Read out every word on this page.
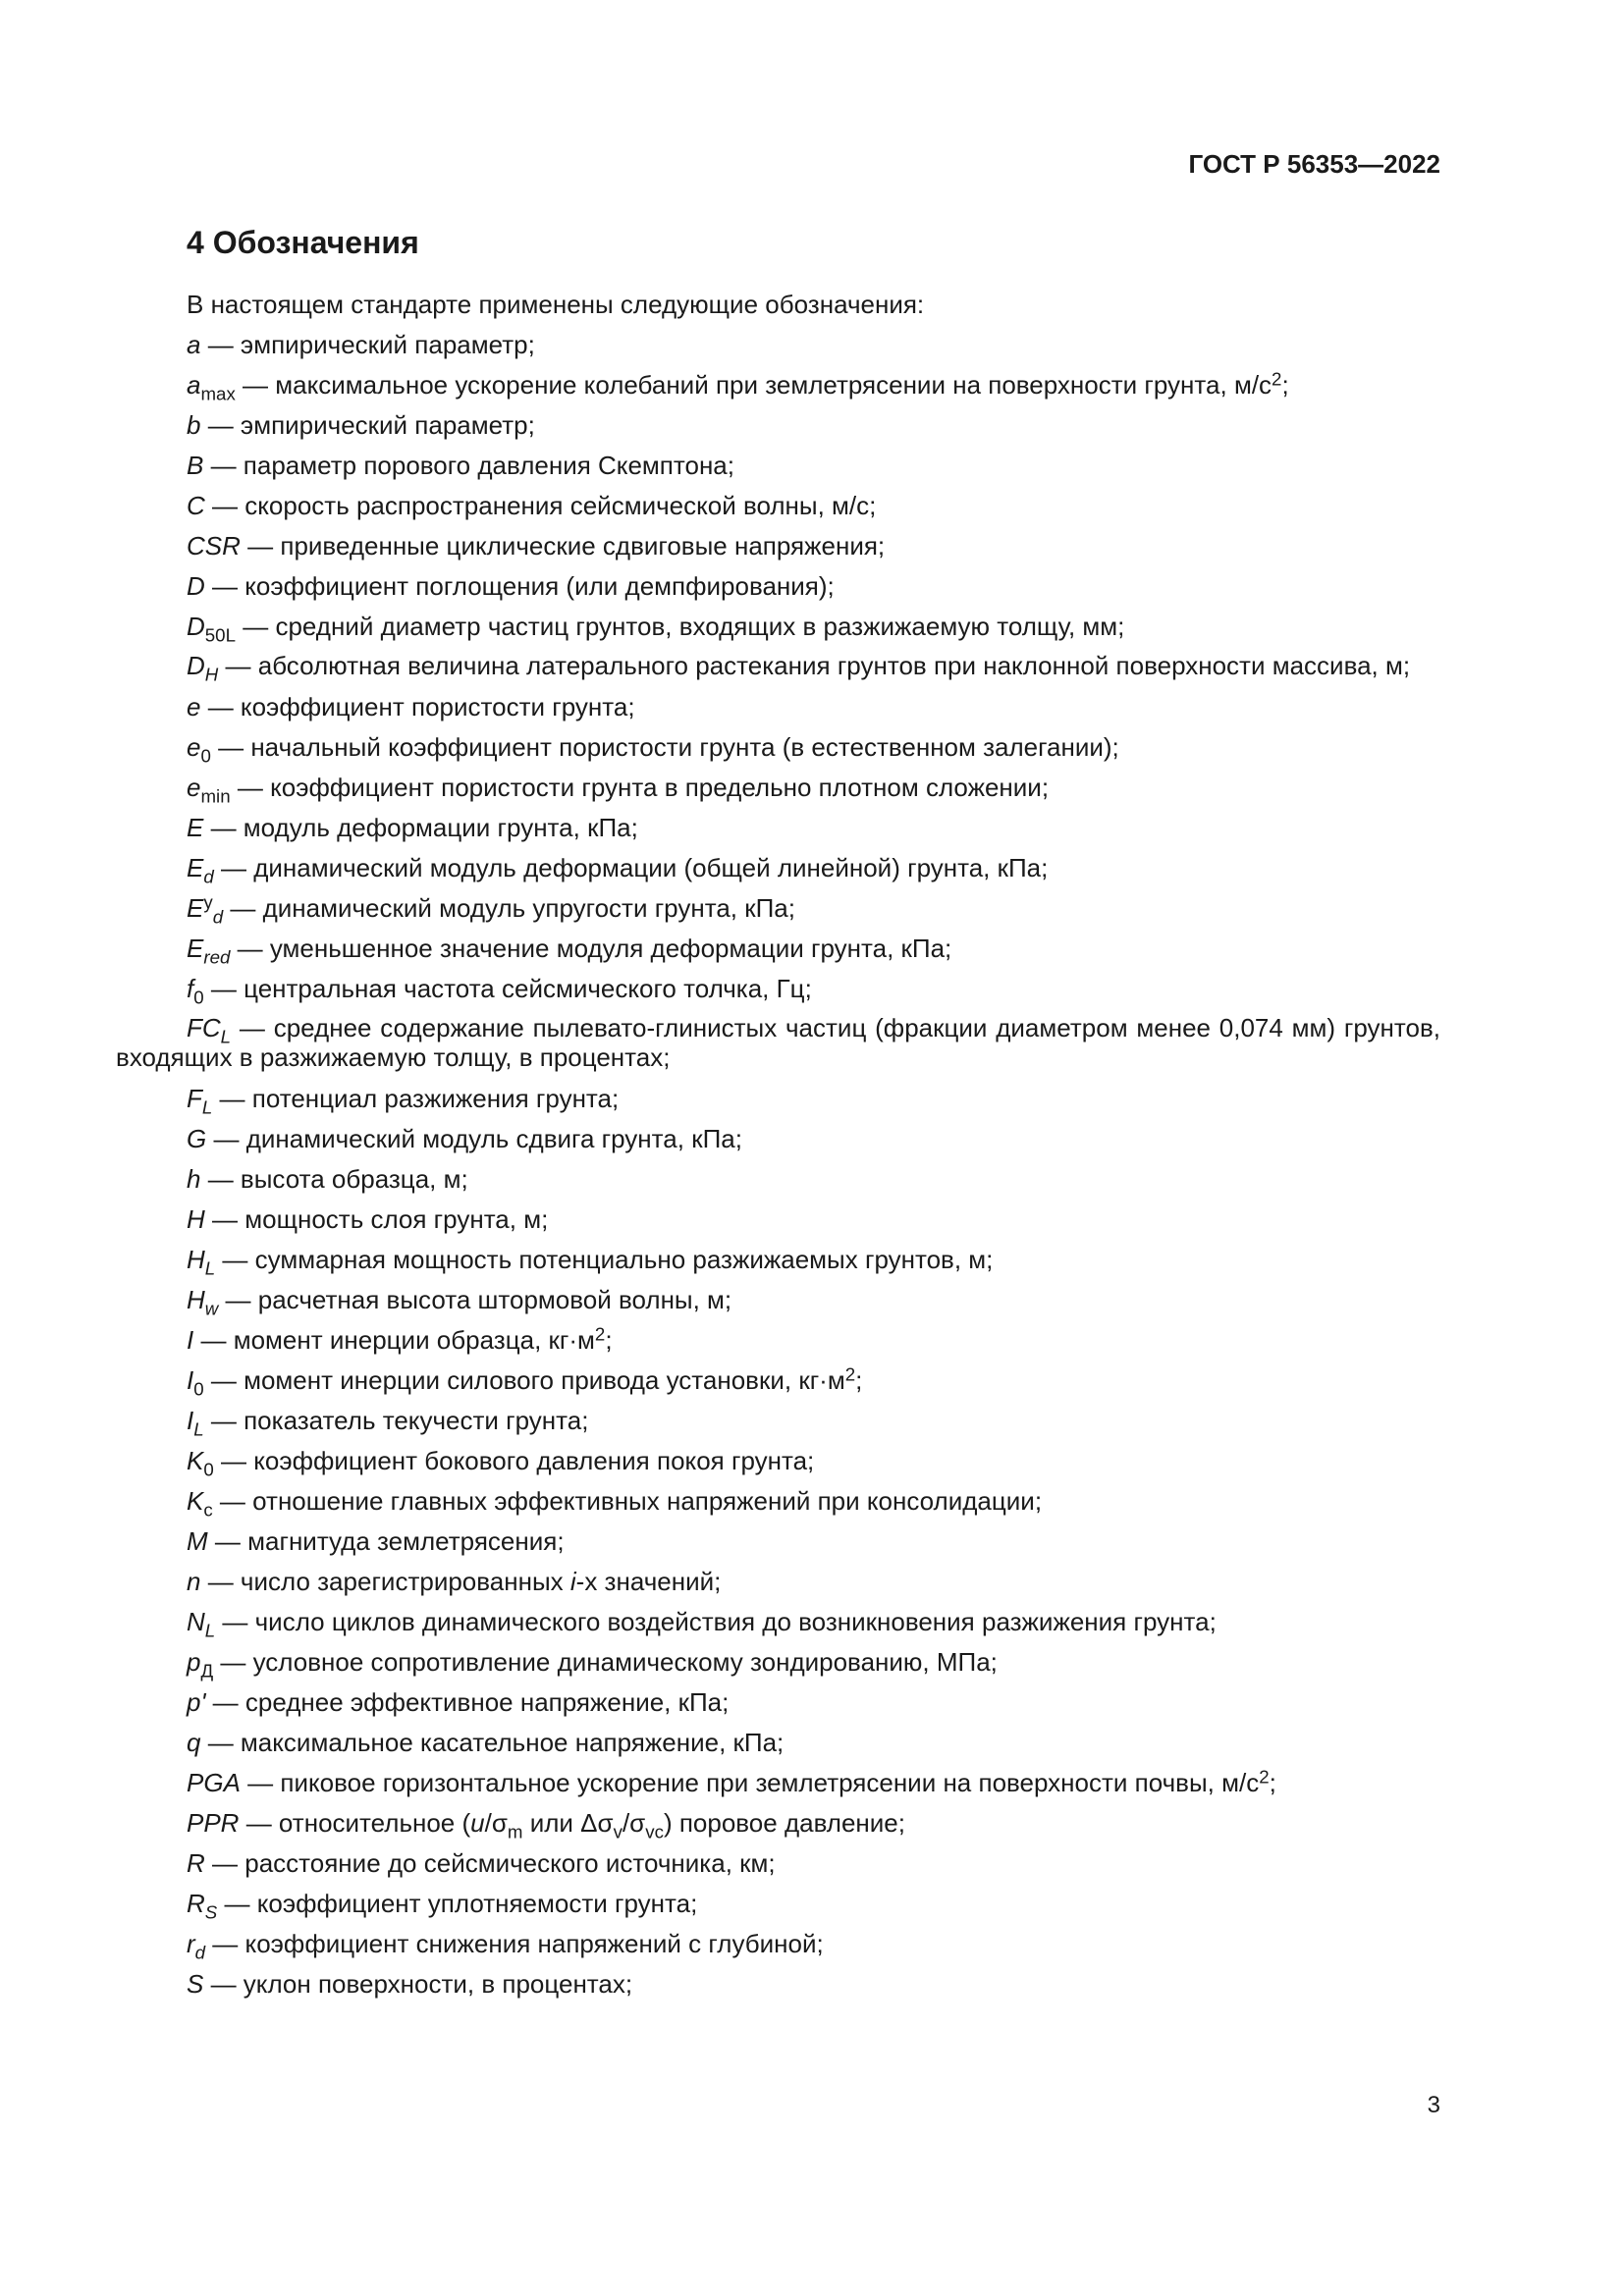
ГОСТ Р 56353—2022
4 Обозначения
В настоящем стандарте применены следующие обозначения:
a — эмпирический параметр;
$a_{max}$ — максимальное ускорение колебаний при землетрясении на поверхности грунта, $м/с^2$;
b — эмпирический параметр;
B — параметр порового давления Скемптона;
C — скорость распространения сейсмической волны, м/с;
CSR — приведенные циклические сдвиговые напряжения;
D — коэффициент поглощения (или демпфирования);
$D_{50L}$ — средний диаметр частиц грунтов, входящих в разжижаемую толщу, мм;
$D_H$ — абсолютная величина латерального растекания грунтов при наклонной поверхности массива, м;
e — коэффициент пористости грунта;
$e_0$ — начальный коэффициент пористости грунта (в естественном залегании);
$e_{min}$ — коэффициент пористости грунта в предельно плотном сложении;
E — модуль деформации грунта, кПа;
$E_d$ — динамический модуль деформации (общей линейной) грунта, кПа;
$E^у_d$ — динамический модуль упругости грунта, кПа;
$E_{red}$ — уменьшенное значение модуля деформации грунта, кПа;
$f_0$ — центральная частота сейсмического толчка, Гц;
$FC_L$ — среднее содержание пылевато-глинистых частиц (фракции диаметром менее 0,074 мм) грунтов, входящих в разжижаемую толщу, в процентах;
$F_L$ — потенциал разжижения грунта;
G — динамический модуль сдвига грунта, кПа;
h — высота образца, м;
H — мощность слоя грунта, м;
$H_L$ — суммарная мощность потенциально разжижаемых грунтов, м;
$H_w$ — расчетная высота штормовой волны, м;
I — момент инерции образца, $кг\cdot м^2$;
$I_0$ — момент инерции силового привода установки, $кг\cdot м^2$;
$I_L$ — показатель текучести грунта;
$K_0$ — коэффициент бокового давления покоя грунта;
$K_c$ — отношение главных эффективных напряжений при консолидации;
M — магнитуда землетрясения;
n — число зарегистрированных i-х значений;
$N_L$ — число циклов динамического воздействия до возникновения разжижения грунта;
$p_Д$ — условное сопротивление динамическому зондированию, МПа;
p' — среднее эффективное напряжение, кПа;
q — максимальное касательное напряжение, кПа;
PGA — пиковое горизонтальное ускорение при землетрясении на поверхности почвы, $м/с^2$;
PPR — относительное ($u/\sigma_m$ или $\Delta\sigma_v/\sigma_{vc}$) поровое давление;
R — расстояние до сейсмического источника, км;
$R_S$ — коэффициент уплотняемости грунта;
$r_d$ — коэффициент снижения напряжений с глубиной;
S — уклон поверхности, в процентах;
3
